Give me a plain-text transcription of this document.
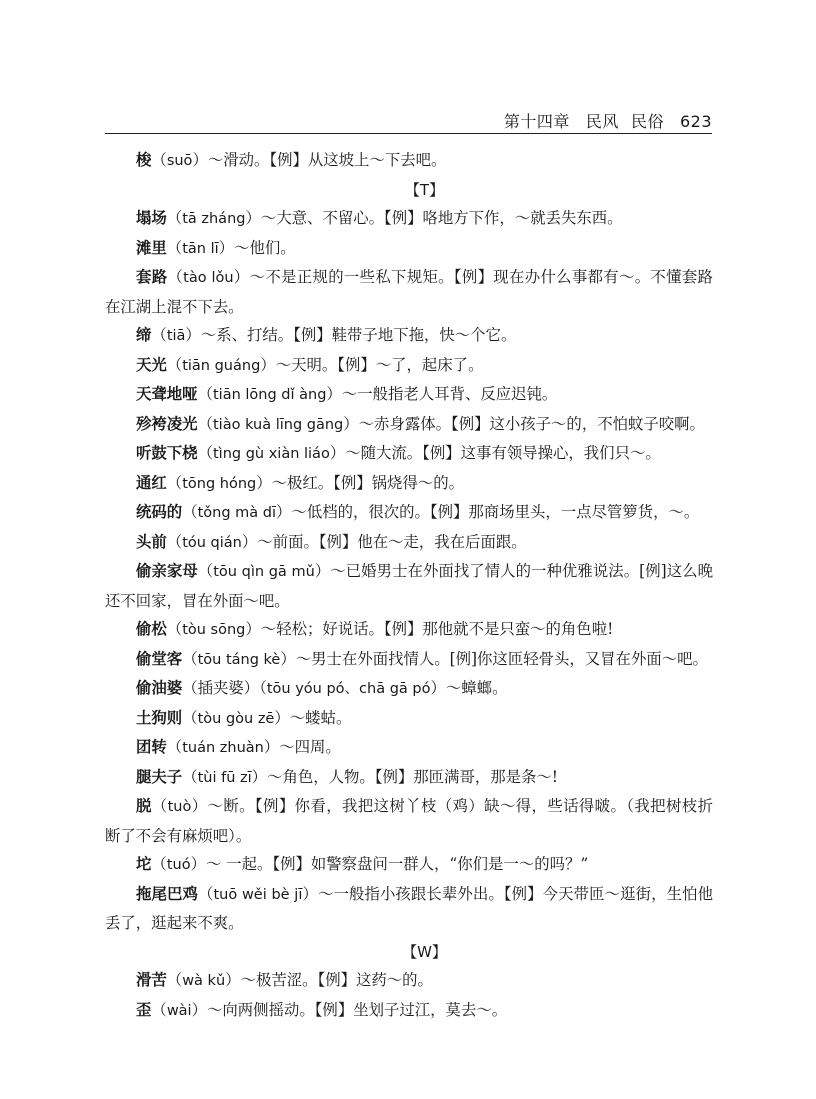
第十四章 民风 民俗 623

梭（suō）～滑动。【例】从这坡上～下去吧。

【T】

塌场（tā zháng）～大意、不留心。【例】咯地方下作，～就丢失东西。

滩里（tān lī）～他们。

套路（tào lǒu）～不是正规的一些私下规矩。【例】现在办什么事都有～。不懂套路在江湖上混不下去。

缔（tiā）～系、打结。【例】鞋带子地下拖，快～个它。

天光（tiān guáng）～天明。【例】～了，起床了。

天聋地哑（tiān lōng dǐ àng）～一般指老人耳背、反应迟钝。

殄袴凌光（tiào kuà līng gāng）～赤身露体。【例】这小孩子～的，不怕蚊子咬啊。

听鼓下桡（tìng gù xiàn liáo）～随大流。【例】这事有领导操心，我们只～。

通红（tōng hóng）～极红。【例】锅烧得～的。

统码的（tǒng mà dī）～低档的，很次的。【例】那商场里头，一点尽管箩货，～。

头前（tóu qián）～前面。【例】他在～走，我在后面跟。

偷亲家母（tōu qìn gā mǔ）～已婚男士在外面找了情人的一种优雅说法。[例]这么晚还不回家，冒在外面～吧。

偷松（tòu sōng）～轻松；好说话。【例】那他就不是只蛮～的角色啦!

偷堂客（tōu táng kè）～男士在外面找情人。[例]你这匝轻骨头，又冒在外面～吧。

偷油婆（插夹婆）（tōu yóu pó、chā gā pó）～蟑螂。

土狗则（tòu gòu zē）～蝼蛄。

团转（tuán zhuàn）～四周。

腿夫子（tùi fū zī）～角色，人物。【例】那匝满哥，那是条～!

脱（tuò）～断。【例】你看，我把这树丫枝（鸡）缺～得，些话得啵。（我把树枝折断了不会有麻烦吧）。

坨（tuó）～ 一起。【例】如警察盘问一群人，“你们是一～的吗？”

拖尾巴鸡（tuō wěi bè jī）～一般指小孩跟长辈外出。【例】今天带匝～逛街，生怕他丢了，逛起来不爽。

【W】

滑苦（wà kǔ）～极苦涩。【例】这药～的。

歪（wài）～向两侧摇动。【例】坐划子过江，莫去～。
